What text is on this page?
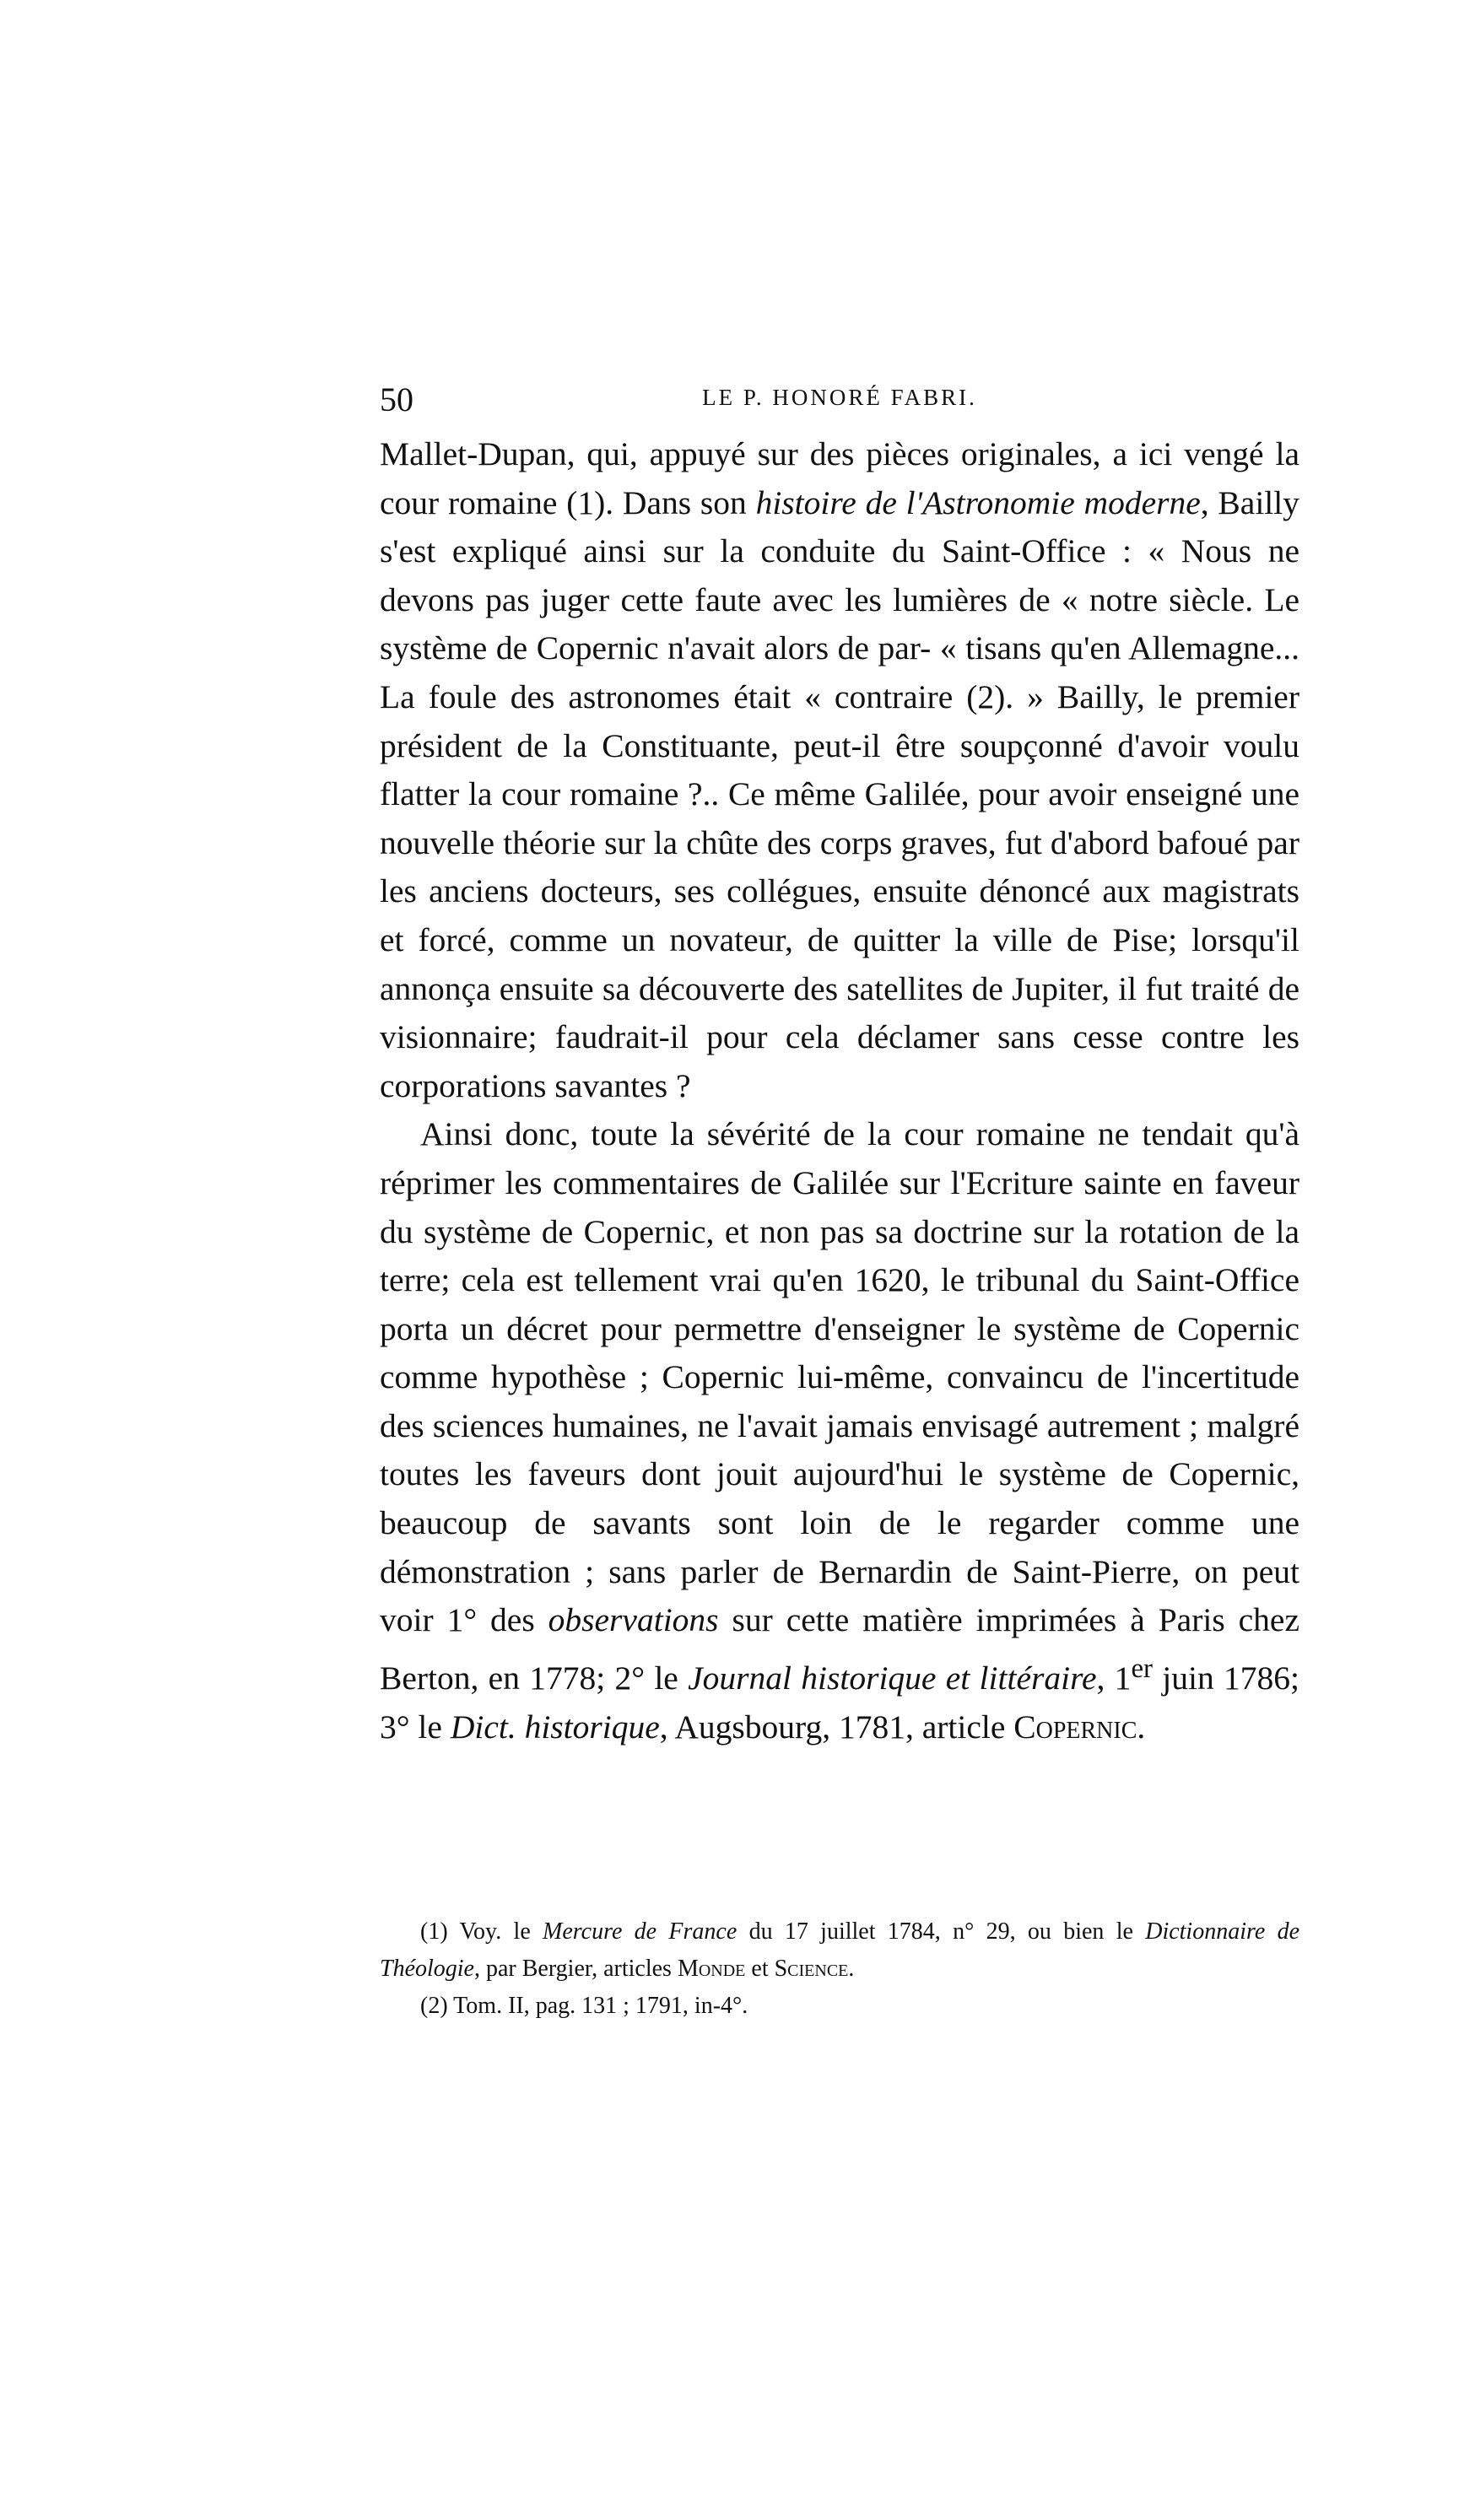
50	LE P. HONORÉ FABRI.

Mallet-Dupan, qui, appuyé sur des pièces originales, a ici vengé la cour romaine (1). Dans son histoire de l'Astronomie moderne, Bailly s'est expliqué ainsi sur la conduite du Saint-Office : « Nous ne devons pas juger cette faute avec les lumières de « notre siècle. Le système de Copernic n'avait alors de par- « tisans qu'en Allemagne... La foule des astronomes était « contraire (2). » Bailly, le premier président de la Constituante, peut-il être soupçonné d'avoir voulu flatter la cour romaine ?.. Ce même Galilée, pour avoir enseigné une nouvelle théorie sur la chûte des corps graves, fut d'abord bafoué par les anciens docteurs, ses collégues, ensuite dénoncé aux magistrats et forcé, comme un novateur, de quitter la ville de Pise; lorsqu'il annonça ensuite sa découverte des satellites de Jupiter, il fut traité de visionnaire; faudrait-il pour cela déclamer sans cesse contre les corporations savantes ?

Ainsi donc, toute la sévérité de la cour romaine ne tendait qu'à réprimer les commentaires de Galilée sur l'Ecriture sainte en faveur du système de Copernic, et non pas sa doctrine sur la rotation de la terre; cela est tellement vrai qu'en 1620, le tribunal du Saint-Office porta un décret pour permettre d'enseigner le système de Copernic comme hypothèse ; Copernic lui-même, convaincu de l'incertitude des sciences humaines, ne l'avait jamais envisagé autrement ; malgré toutes les faveurs dont jouit aujourd'hui le système de Copernic, beaucoup de savants sont loin de le regarder comme une démonstration ; sans parler de Bernardin de Saint-Pierre, on peut voir 1° des observations sur cette matière imprimées à Paris chez Berton, en 1778; 2° le Journal historique et littéraire, 1er juin 1786; 3° le Dict. historique, Augsbourg, 1781, article Copernic.

(1) Voy. le Mercure de France du 17 juillet 1784, n° 29, ou bien le Dictionnaire de Théologie, par Bergier, articles Monde et Science.

(2) Tom. II, pag. 131 ; 1791, in-4°.
